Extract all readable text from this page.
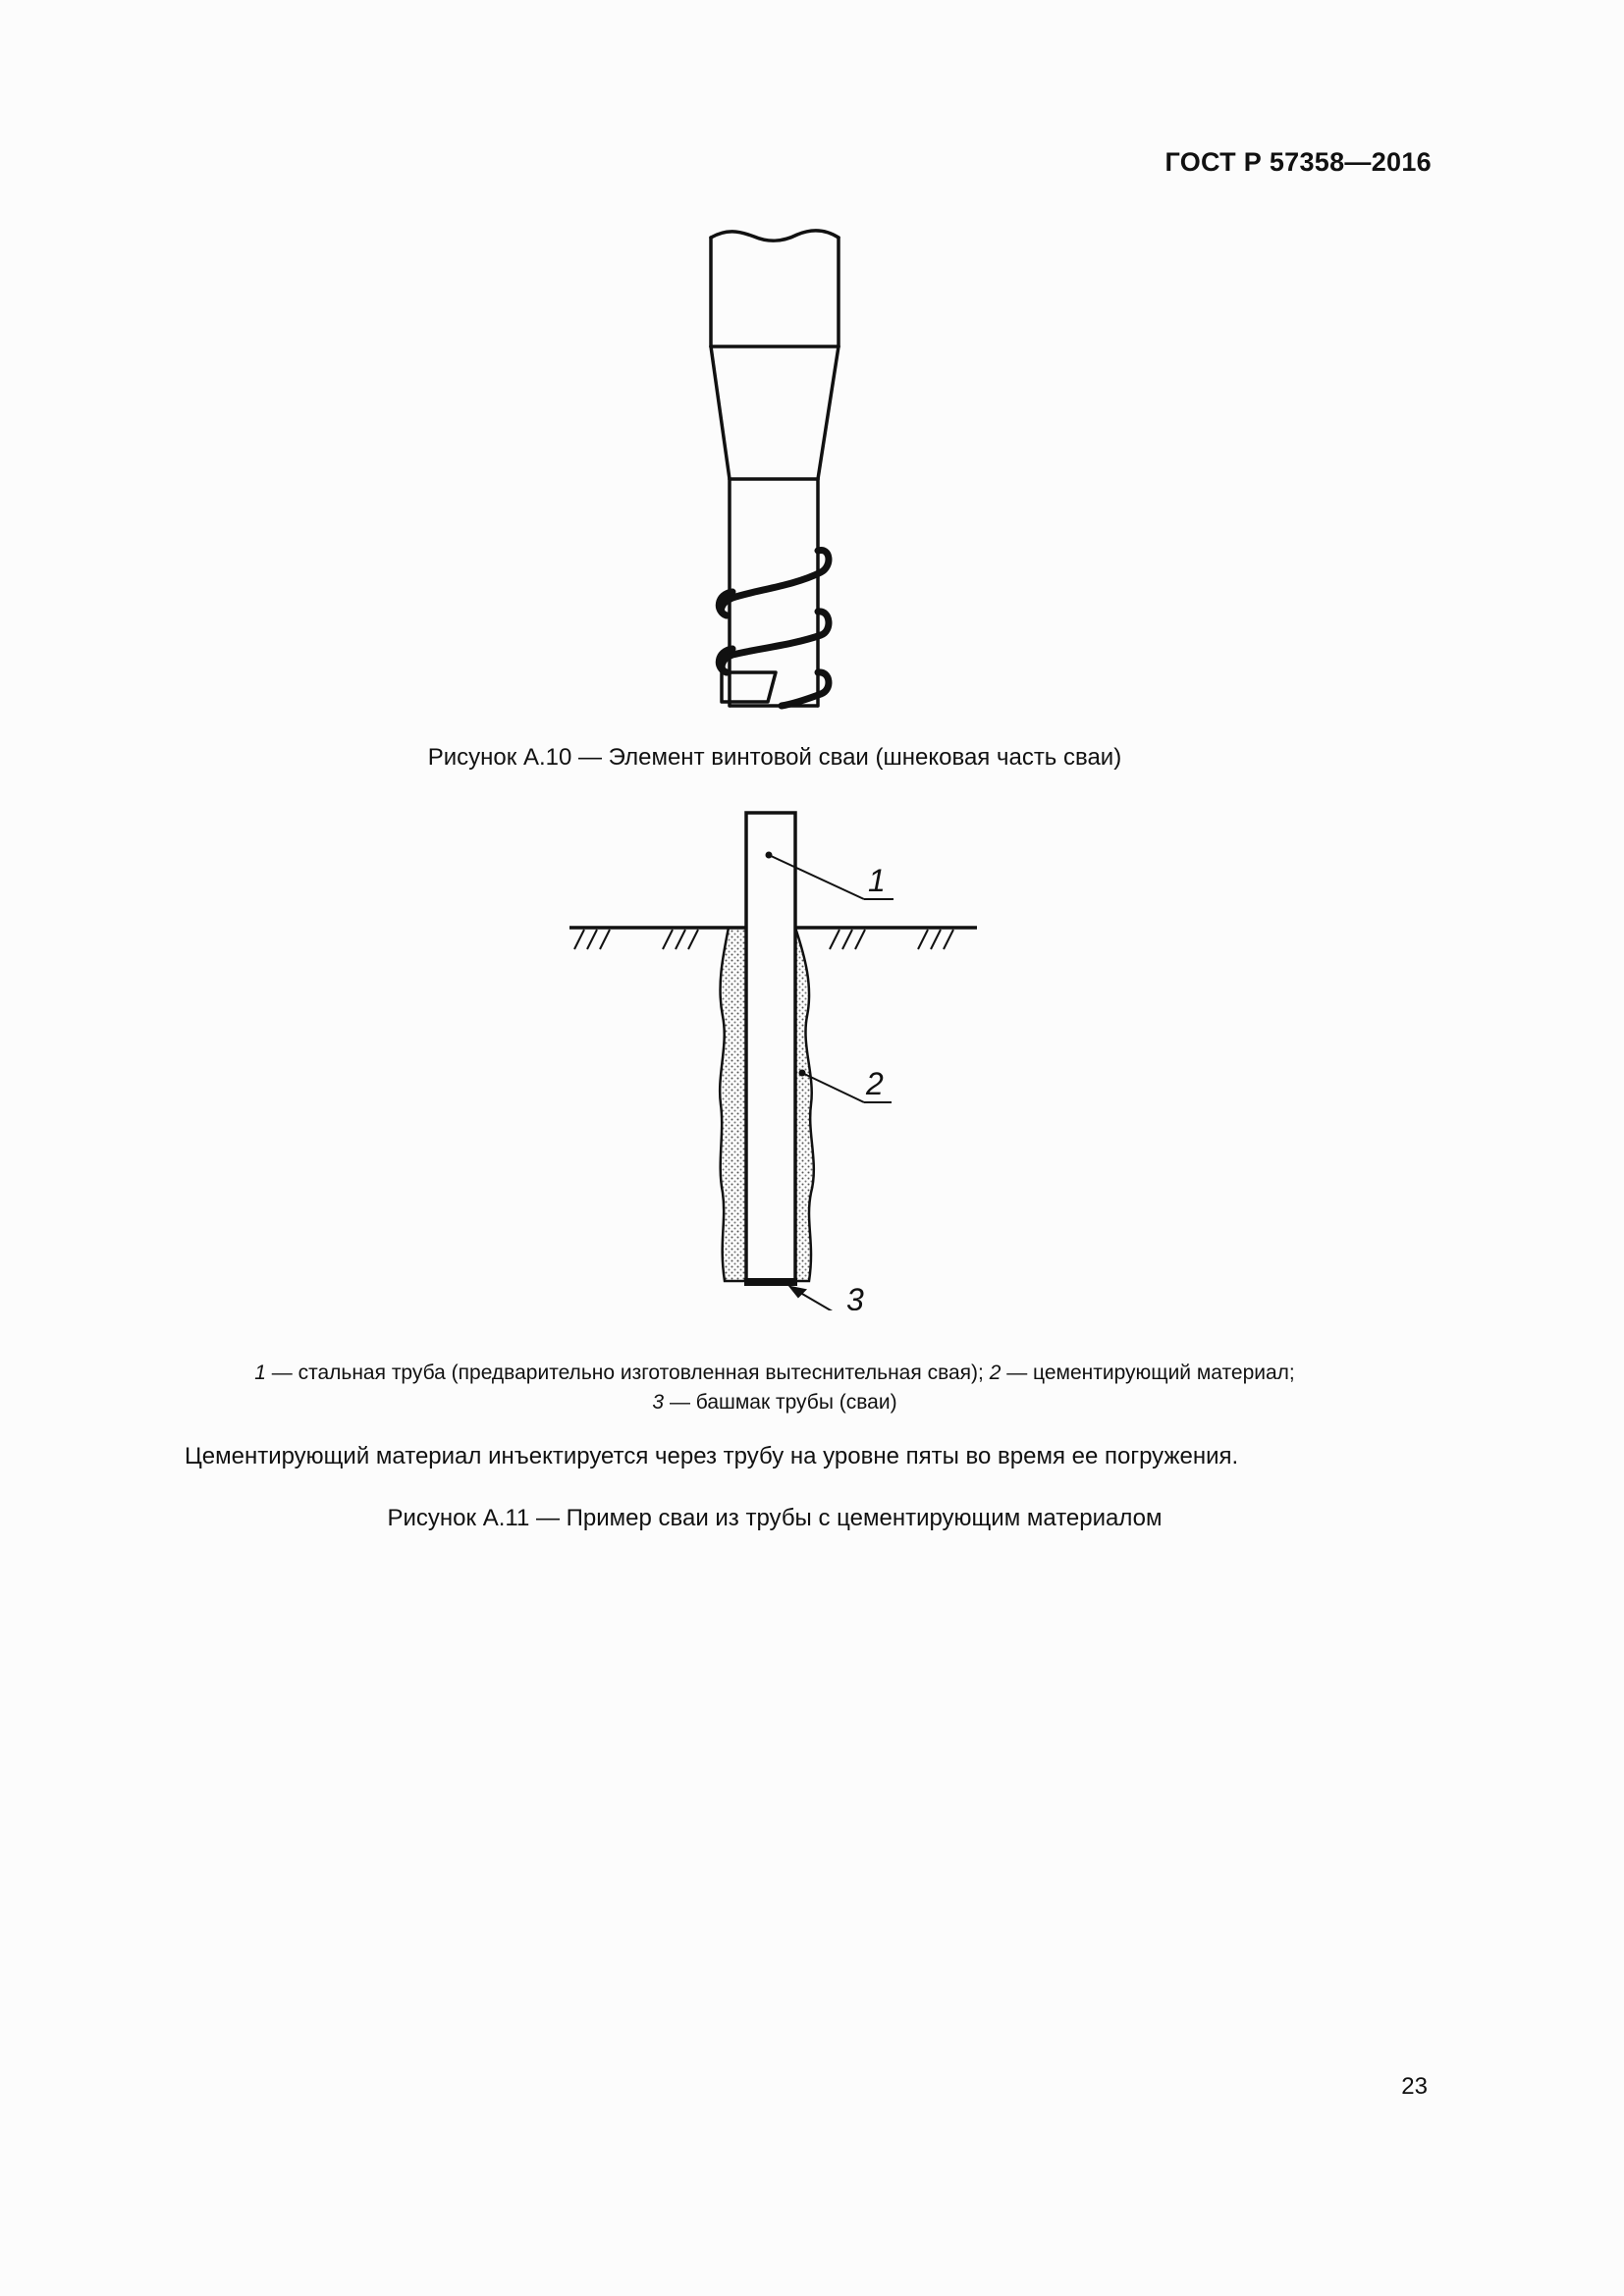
ГОСТ Р 57358—2016
Рисунок А.10 — Элемент винтовой сваи (шнековая часть сваи)
1
2
3
1 — стальная труба (предварительно изготовленная вытеснительная свая); 2 — цементирующий материал;
3 — башмак трубы (сваи)
Цементирующий материал инъектируется через трубу на уровне пяты во время ее погружения.
Рисунок А.11 — Пример сваи из трубы с цементирующим материалом
23
